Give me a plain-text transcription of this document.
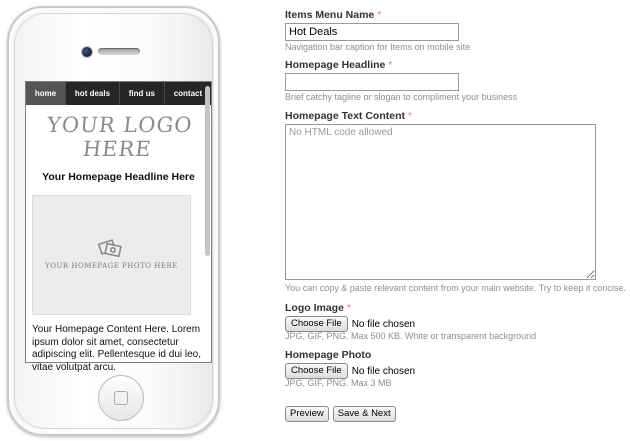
home	hot deals	find us	contact
YOUR LOGO HERE
Your Homepage Headline Here
YOUR HOMEPAGE PHOTO HERE
Your Homepage Content Here. Lorem ipsum dolor sit amet, consectetur adipiscing elit. Pellentesque id dui leo, vitae volutpat arcu.
Items Menu Name *
Hot Deals
Navigation bar caption for Items on mobile site
Homepage Headline *
Brief catchy tagline or slogan to compliment your business
Homepage Text Content *
No HTML code allowed
You can copy & paste relevant content from your main website. Try to keep it concise.
Logo Image *
Choose File	No file chosen
JPG, GIF, PNG. Max 500 KB. White or transparent background
Homepage Photo
Choose File	No file chosen
JPG, GIF, PNG. Max 3 MB
Preview	Save & Next
